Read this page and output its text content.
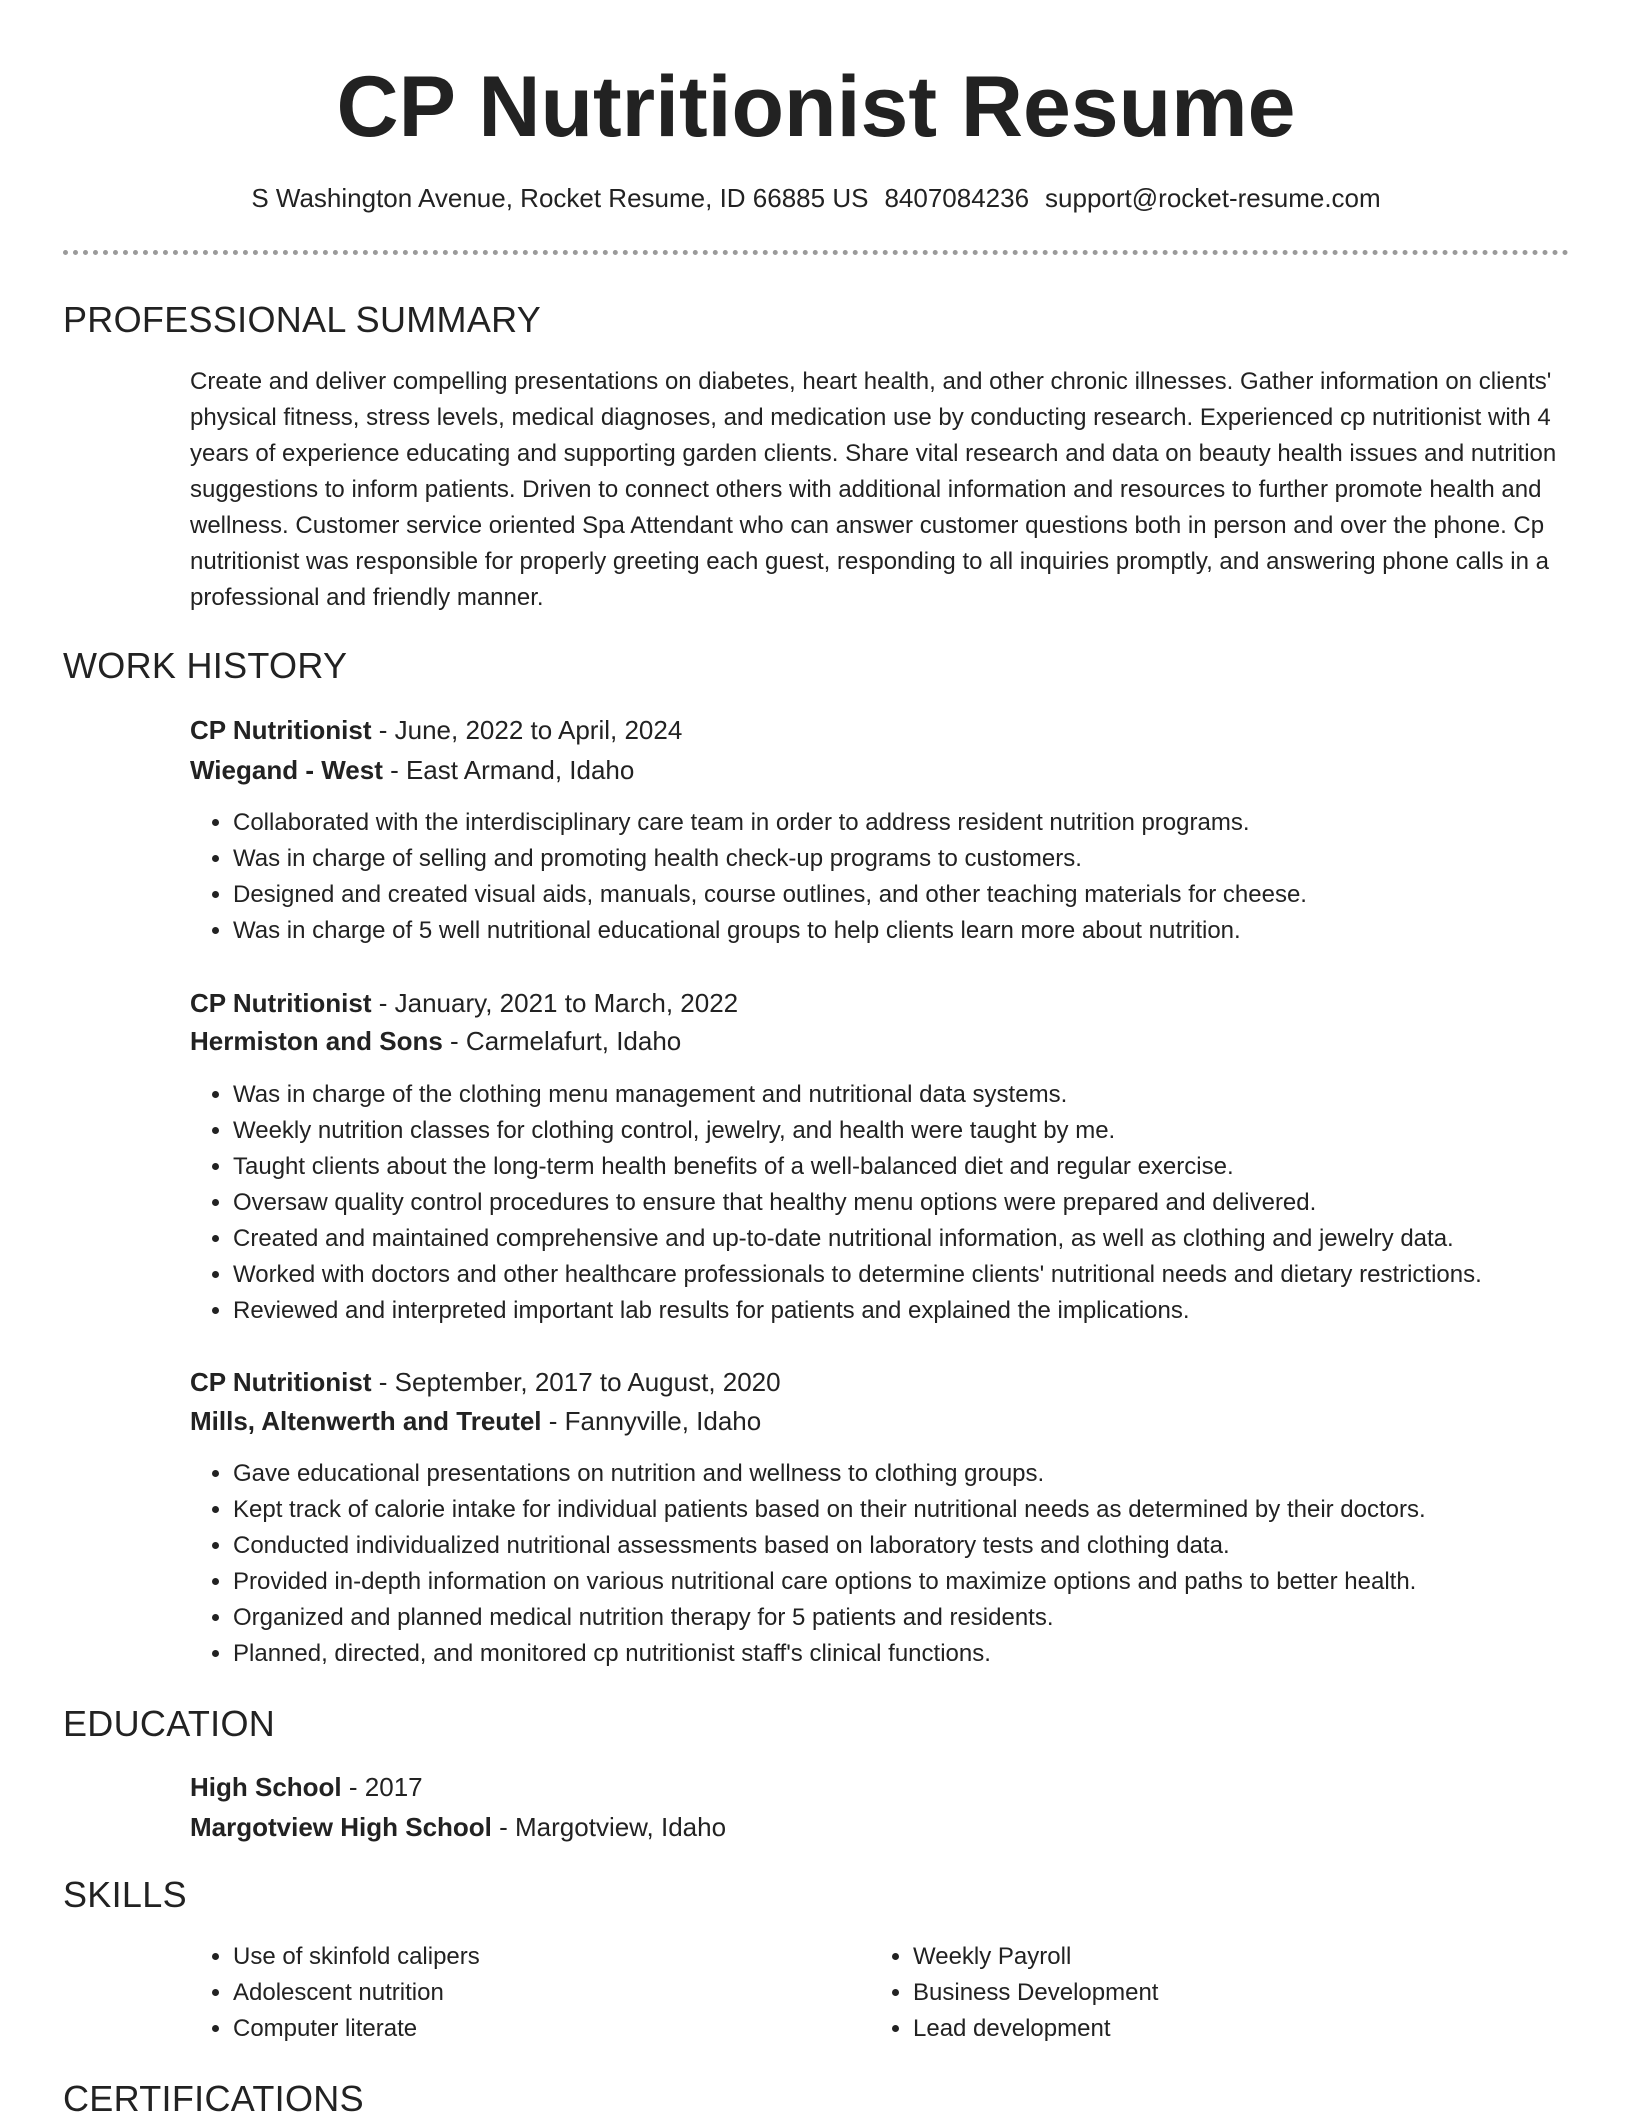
CP Nutritionist Resume
S Washington Avenue, Rocket Resume, ID 66885 US 8407084236 support@rocket-resume.com
PROFESSIONAL SUMMARY
Create and deliver compelling presentations on diabetes, heart health, and other chronic illnesses. Gather information on clients' physical fitness, stress levels, medical diagnoses, and medication use by conducting research. Experienced cp nutritionist with 4 years of experience educating and supporting garden clients. Share vital research and data on beauty health issues and nutrition suggestions to inform patients. Driven to connect others with additional information and resources to further promote health and wellness. Customer service oriented Spa Attendant who can answer customer questions both in person and over the phone. Cp nutritionist was responsible for properly greeting each guest, responding to all inquiries promptly, and answering phone calls in a professional and friendly manner.
WORK HISTORY
CP Nutritionist - June, 2022 to April, 2024
Wiegand - West - East Armand, Idaho
• Collaborated with the interdisciplinary care team in order to address resident nutrition programs.
• Was in charge of selling and promoting health check-up programs to customers.
• Designed and created visual aids, manuals, course outlines, and other teaching materials for cheese.
• Was in charge of 5 well nutritional educational groups to help clients learn more about nutrition.
CP Nutritionist - January, 2021 to March, 2022
Hermiston and Sons - Carmelafurt, Idaho
• Was in charge of the clothing menu management and nutritional data systems.
• Weekly nutrition classes for clothing control, jewelry, and health were taught by me.
• Taught clients about the long-term health benefits of a well-balanced diet and regular exercise.
• Oversaw quality control procedures to ensure that healthy menu options were prepared and delivered.
• Created and maintained comprehensive and up-to-date nutritional information, as well as clothing and jewelry data.
• Worked with doctors and other healthcare professionals to determine clients' nutritional needs and dietary restrictions.
• Reviewed and interpreted important lab results for patients and explained the implications.
CP Nutritionist - September, 2017 to August, 2020
Mills, Altenwerth and Treutel - Fannyville, Idaho
• Gave educational presentations on nutrition and wellness to clothing groups.
• Kept track of calorie intake for individual patients based on their nutritional needs as determined by their doctors.
• Conducted individualized nutritional assessments based on laboratory tests and clothing data.
• Provided in-depth information on various nutritional care options to maximize options and paths to better health.
• Organized and planned medical nutrition therapy for 5 patients and residents.
• Planned, directed, and monitored cp nutritionist staff's clinical functions.
EDUCATION
High School - 2017
Margotview High School - Margotview, Idaho
SKILLS
• Use of skinfold calipers
• Adolescent nutrition
• Computer literate
• Weekly Payroll
• Business Development
• Lead development
CERTIFICATIONS
